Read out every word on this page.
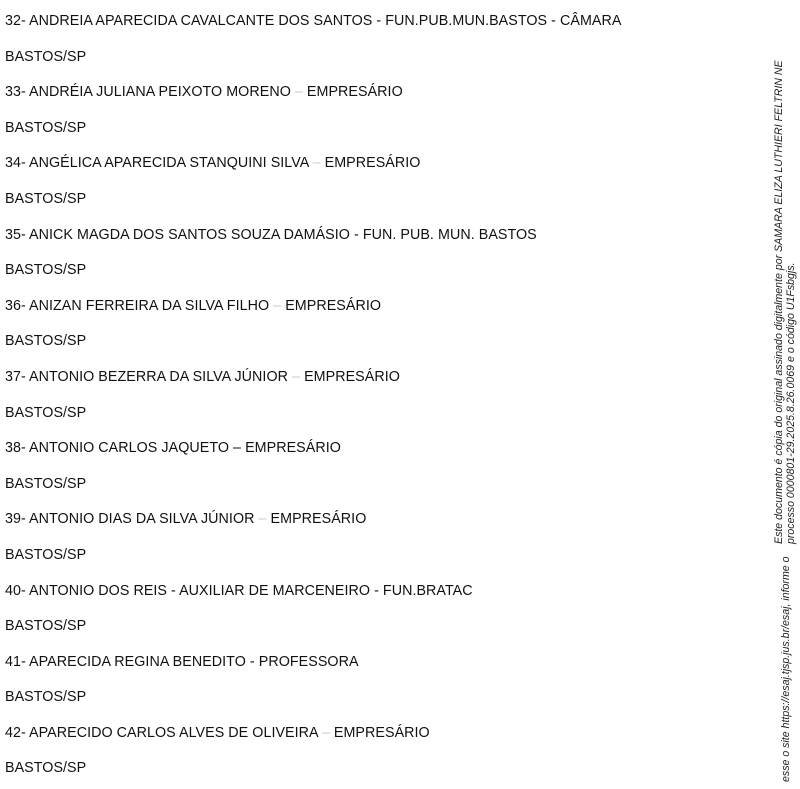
32- ANDREIA APARECIDA CAVALCANTE DOS SANTOS - FUN.PUB.MUN.BASTOS - CÂMARA
BASTOS/SP
33- ANDRÉIA JULIANA PEIXOTO MORENO – EMPRESÁRIO
BASTOS/SP
34- ANGÉLICA APARECIDA STANQUINI SILVA – EMPRESÁRIO
BASTOS/SP
35- ANICK MAGDA DOS SANTOS SOUZA DAMÁSIO - FUN. PUB. MUN. BASTOS
BASTOS/SP
36- ANIZAN FERREIRA DA SILVA FILHO – EMPRESÁRIO
BASTOS/SP
37- ANTONIO BEZERRA DA SILVA JÚNIOR – EMPRESÁRIO
BASTOS/SP
38- ANTONIO CARLOS JAQUETO – EMPRESÁRIO
BASTOS/SP
39- ANTONIO DIAS DA SILVA JÚNIOR – EMPRESÁRIO
BASTOS/SP
40- ANTONIO DOS REIS - AUXILIAR DE MARCENEIRO - FUN.BRATAC
BASTOS/SP
41- APARECIDA REGINA BENEDITO - PROFESSORA
BASTOS/SP
42- APARECIDO CARLOS ALVES DE OLIVEIRA – EMPRESÁRIO
BASTOS/SP	esse o site https://esaj.tjsp.jus.br/esaj, informe o
Este documento é cópia do original assinado digitalmente por SAMARA ELIZA LUTHIERI FELTRIN NE processo 0000801-29.2025.8.26.0069 e o código U1Fsbgjs.
